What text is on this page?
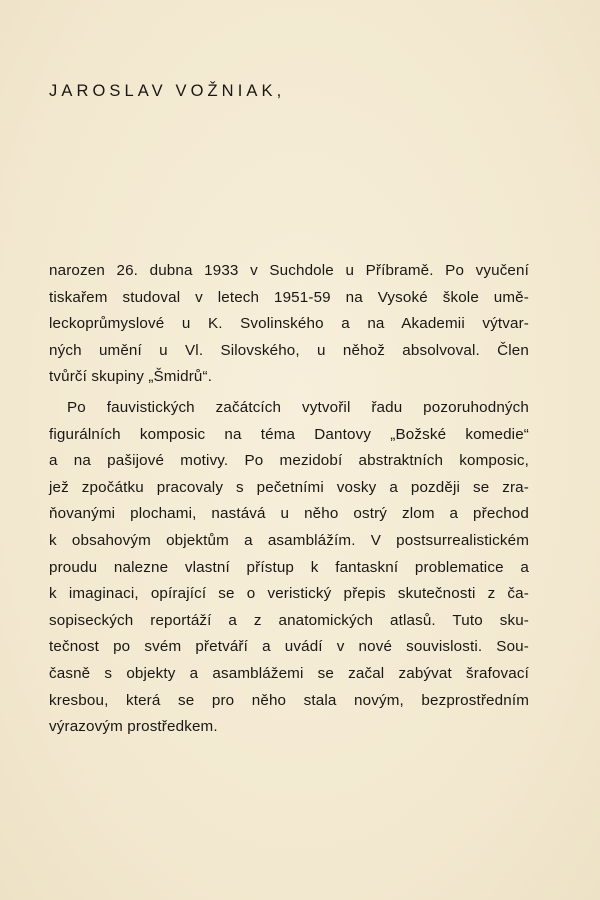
JAROSLAV VOŽNIAK,
narozen 26. dubna 1933 v Suchdole u Příbramě. Po vyučení
tiskařem studoval v letech 1951-59 na Vysoké škole umě-
leckoprůmyslové u K. Svolinského a na Akademii výtvar-
ných umění u Vl. Silovského, u něhož absolvoval. Člen
tvůrčí skupiny „Šmidrů“.
Po fauvistických začátcích vytvořil řadu pozoruhodných
figurálních komposic na téma Dantovy „Božské komedie“
a na pašijové motivy. Po mezidobí abstraktních komposic,
jež zpočátku pracovaly s pečetními vosky a později se zra-
ňovanými plochami, nastává u něho ostrý zlom a přechod
k obsahovým objektům a asamblážím. V postsurrealistickém
proudu nalezne vlastní přístup k fantaskní problematice a
k imaginaci, opírající se o veristický přepis skutečnosti z ča-
sopiseckých reportáží a z anatomických atlasů. Tuto sku-
tečnost po svém přetváří a uvádí v nové souvislosti. Sou-
časně s objekty a asamblážemi se začal zabývat šrafovací
kresbou, která se pro něho stala novým, bezprostředním
výrazovým prostředkem.
